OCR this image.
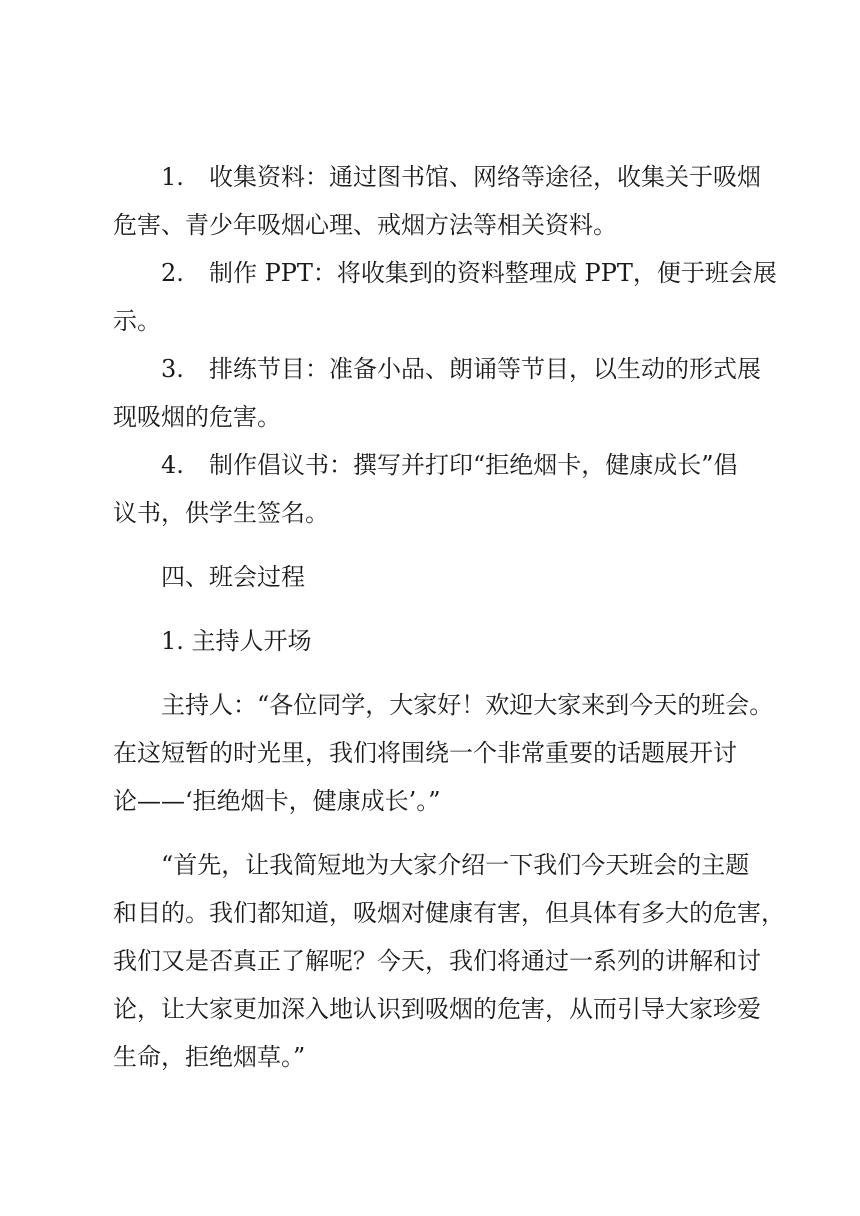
1. 收集资料：通过图书馆、网络等途径，收集关于吸烟
危害、青少年吸烟心理、戒烟方法等相关资料。
2. 制作 PPT：将收集到的资料整理成 PPT，便于班会展
示。
3. 排练节目：准备小品、朗诵等节目，以生动的形式展
现吸烟的危害。
4. 制作倡议书：撰写并打印“拒绝烟卡，健康成长”倡
议书，供学生签名。
四、班会过程
1. 主持人开场
主持人：“各位同学，大家好！欢迎大家来到今天的班会。
在这短暂的时光里，我们将围绕一个非常重要的话题展开讨
论——‘拒绝烟卡，健康成长’。”
“首先，让我简短地为大家介绍一下我们今天班会的主题
和目的。我们都知道，吸烟对健康有害，但具体有多大的危害，
我们又是否真正了解呢？今天，我们将通过一系列的讲解和讨
论，让大家更加深入地认识到吸烟的危害，从而引导大家珍爱
生命，拒绝烟草。”
